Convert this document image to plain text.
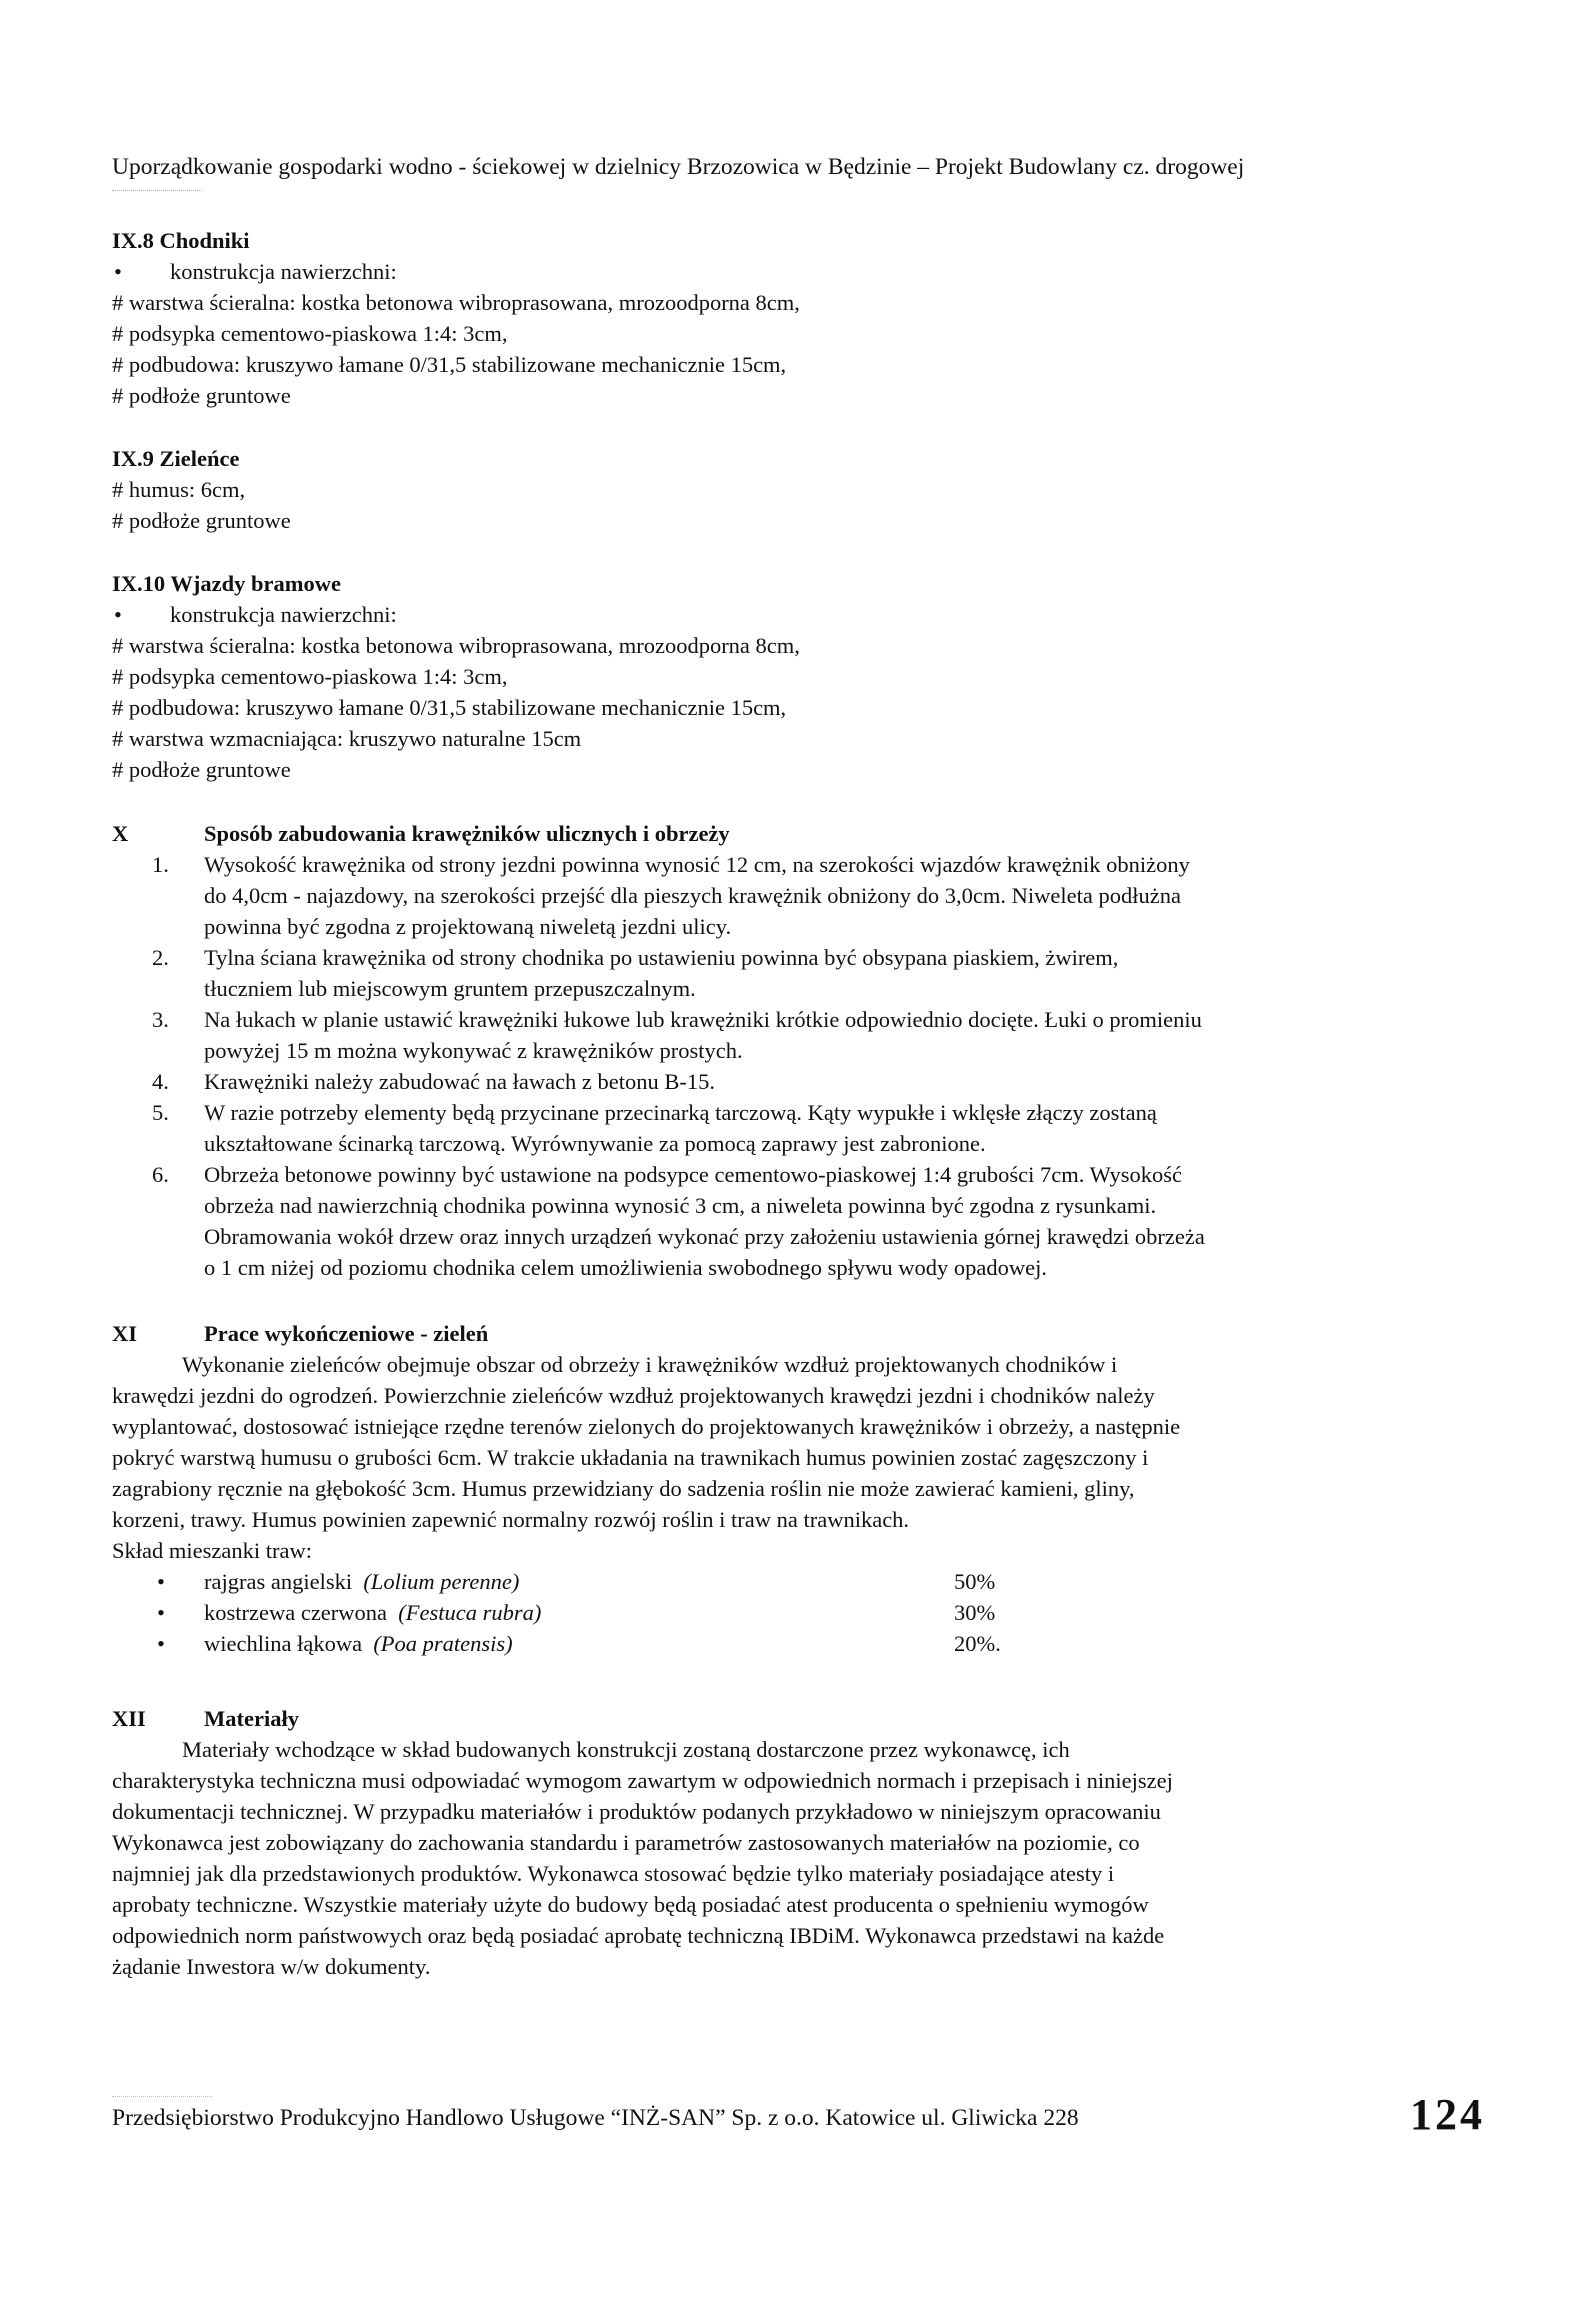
Uporządkowanie gospodarki wodno - ściekowej w dzielnicy Brzozowica w Będzinie – Projekt Budowlany cz. drogowej
IX.8 Chodniki
• konstrukcja nawierzchni:
# warstwa ścieralna: kostka betonowa wibroprasowana, mrozoodporna 8cm,
# podsypka cementowo-piaskowa 1:4: 3cm,
# podbudowa: kruszywo łamane 0/31,5 stabilizowane mechanicznie 15cm,
# podłoże gruntowe
IX.9 Zieleńce
# humus: 6cm,
# podłoże gruntowe
IX.10 Wjazdy bramowe
• konstrukcja nawierzchni:
# warstwa ścieralna: kostka betonowa wibroprasowana, mrozoodporna 8cm,
# podsypka cementowo-piaskowa 1:4: 3cm,
# podbudowa: kruszywo łamane 0/31,5 stabilizowane mechanicznie 15cm,
# warstwa wzmacniająca: kruszywo naturalne 15cm
# podłoże gruntowe
X	Sposób zabudowania krawężników ulicznych i obrzeży
1. Wysokość krawężnika od strony jezdni powinna wynosić 12 cm, na szerokości wjazdów krawężnik obniżony
do 4,0cm - najazdowy, na szerokości przejść dla pieszych krawężnik obniżony do 3,0cm. Niweleta podłużna
powinna być zgodna z projektowaną niweletą jezdni ulicy.
2. Tylna ściana krawężnika od strony chodnika po ustawieniu powinna być obsypana piaskiem, żwirem,
tłuczniem lub miejscowym gruntem przepuszczalnym.
3. Na łukach w planie ustawić krawężniki łukowe lub krawężniki krótkie odpowiednio docięte. Łuki o promieniu
powyżej 15 m można wykonywać z krawężników prostych.
4. Krawężniki należy zabudować na ławach z betonu B-15.
5. W razie potrzeby elementy będą przycinane przecinarką tarczową. Kąty wypukłe i wklęsłe złączy zostaną
ukształtowane ścinarką tarczową. Wyrównywanie za pomocą zaprawy jest zabronione.
6. Obrzeża betonowe powinny być ustawione na podsypce cementowo-piaskowej 1:4 grubości 7cm. Wysokość
obrzeża nad nawierzchnią chodnika powinna wynosić 3 cm, a niweleta powinna być zgodna z rysunkami.
Obramowania wokół drzew oraz innych urządzeń wykonać przy założeniu ustawienia górnej krawędzi obrzeża
o 1 cm niżej od poziomu chodnika celem umożliwienia swobodnego spływu wody opadowej.
XI	Prace wykończeniowe - zieleń
Wykonanie zieleńców obejmuje obszar od obrzeży i krawężników wzdłuż projektowanych chodników i
krawędzi jezdni do ogrodzeń. Powierzchnie zieleńców wzdłuż projektowanych krawędzi jezdni i chodników należy
wyplantować, dostosować istniejące rzędne terenów zielonych do projektowanych krawężników i obrzeży, a następnie
pokryć warstwą humusu o grubości 6cm. W trakcie układania na trawnikach humus powinien zostać zagęszczony i
zagrabiony ręcznie na głębokość 3cm. Humus przewidziany do sadzenia roślin nie może zawierać kamieni, gliny,
korzeni, trawy. Humus powinien zapewnić normalny rozwój roślin i traw na trawnikach.
Skład mieszanki traw:
• rajgras angielski (Lolium perenne)	50%
• kostrzewa czerwona (Festuca rubra)	30%
• wiechlina łąkowa (Poa pratensis)	20%.
XII	Materiały
Materiały wchodzące w skład budowanych konstrukcji zostaną dostarczone przez wykonawcę, ich
charakterystyka techniczna musi odpowiadać wymogom zawartym w odpowiednich normach i przepisach i niniejszej
dokumentacji technicznej. W przypadku materiałów i produktów podanych przykładowo w niniejszym opracowaniu
Wykonawca jest zobowiązany do zachowania standardu i parametrów zastosowanych materiałów na poziomie, co
najmniej jak dla przedstawionych produktów. Wykonawca stosować będzie tylko materiały posiadające atesty i
aprobaty techniczne. Wszystkie materiały użyte do budowy będą posiadać atest producenta o spełnieniu wymogów
odpowiednich norm państwowych oraz będą posiadać aprobatę techniczną IBDiM. Wykonawca przedstawi na każde
żądanie Inwestora w/w dokumenty.
Przedsiębiorstwo Produkcyjno Handlowo Usługowe “INŻ-SAN” Sp. z o.o. Katowice ul. Gliwicka 228	124
